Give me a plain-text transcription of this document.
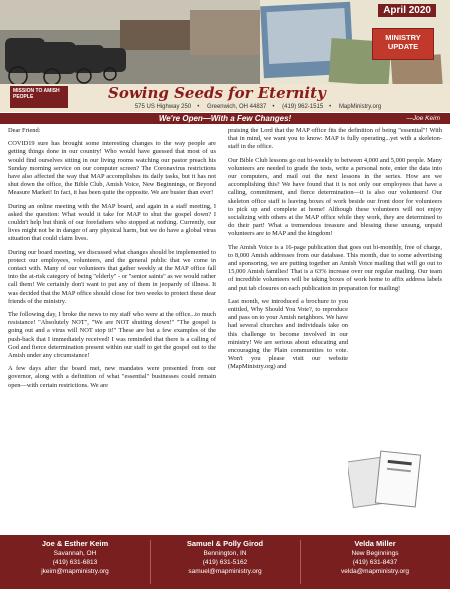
April 2020
MINISTRY UPDATE
MISSION TO AMISH PEOPLE	Sowing Seeds for Eternity
575 US Highway 250 • Greenwich, OH 44837 • (419) 962-1515 • MapMinistry.org
We're Open—With a Few Changes!	—Joe Keim

Dear Friend:

COVID19 sure has brought some interesting changes to the way people are getting things done in our country! Who would have guessed that most of us would find ourselves sitting in our living rooms watching our pastor preach his Sunday morning service on our computer screen? The Coronavirus restrictions have also affected the way that MAP accomplishes its daily tasks, but it has not shut down the office, the Bible Club, Amish Voice, New Beginnings, or Beyond Measure Market! In fact, it has been quite the opposite. We are busier than ever!

During an online meeting with the MAP board, and again in a staff meeting, I asked the question: What would it take for MAP to shut the gospel down? I couldn't help but think of our forefathers who stopped at nothing. Currently, our lives might not be in danger of any physical harm, but we do have a global virus situation that could claim lives.

During our board meeting, we discussed what changes should be implemented to protect our employees, volunteers, and the general public that we come in contact with. Many of our volunteers that gather weekly at the MAP office fall into the at-risk category of being "elderly" - or "senior saints" as we would rather call them! We certainly don't want to put any of them in jeopardy of illness. It was decided that the MAP office should close for two weeks to protect these dear friends of the ministry.

The following day, I broke the news to my staff who were at the office...to much resistance! "Absolutely NOT", "We are NOT shutting down!" "The gospel is going out and a virus will NOT stop it!" These are but a few examples of the push-back that I immediately received! I was reminded that there is a calling of God and fierce determination present within our staff to get the gospel out to the Amish under any circumstance!

A few days after the board met, new mandates were presented from our governor, along with a definition of what "essential" businesses could remain open—with certain restrictions. We are

praising the Lord that the MAP office fits the definition of being "essential"! With that in mind, we want you to know: MAP is fully operating...yet with a skeleton-staff in the office.

Our Bible Club lessons go out bi-weekly to between 4,000 and 5,000 people. Many volunteers are needed to grade the tests, write a personal note, enter the data into our computers, and mail out the next lessons in the series. How are we accomplishing this? We have found that it is not only our employees that have a calling, commitment, and fierce determination—it is also our volunteers! Our skeleton office staff is leaving boxes of work beside our front door for volunteers to pick up and complete at home! Although these volunteers will not enjoy socializing with others at the MAP office while they work, they are determined to do their part! What a tremendous treasure and blessing these unsung, unpaid volunteers are to MAP and the kingdom!

The Amish Voice is a 16-page publication that goes out bi-monthly, free of charge, to 8,000 Amish addresses from our database. This month, due to some advertising and sponsoring, we are putting together an Amish Voice mailing that will go out to 15,000 Amish families! That is a 63% increase over our regular mailing. Our team of incredible volunteers will be taking boxes of work home to affix address labels and put tab closures on each publication in preparation for mailing!

Last month, we introduced a brochure to you entitled, Why Should You Vote?, to reproduce and pass on to your Amish neighbors. We have had several churches and individuals take on this challenge to become involved in our ministry! We are serious about educating and encouraging the Plain communities to vote. Won't you please visit our website (MapMinistry.org) and

Joe & Esther Keim
Savannah, OH
(419) 631-6813
jkeim@mapministry.org
Samuel & Polly Girod
Bennington, IN
(419) 631-5162
samuel@mapministry.org
Velda Miller
New Beginnings
(419) 631-8437
velda@mapministry.org
